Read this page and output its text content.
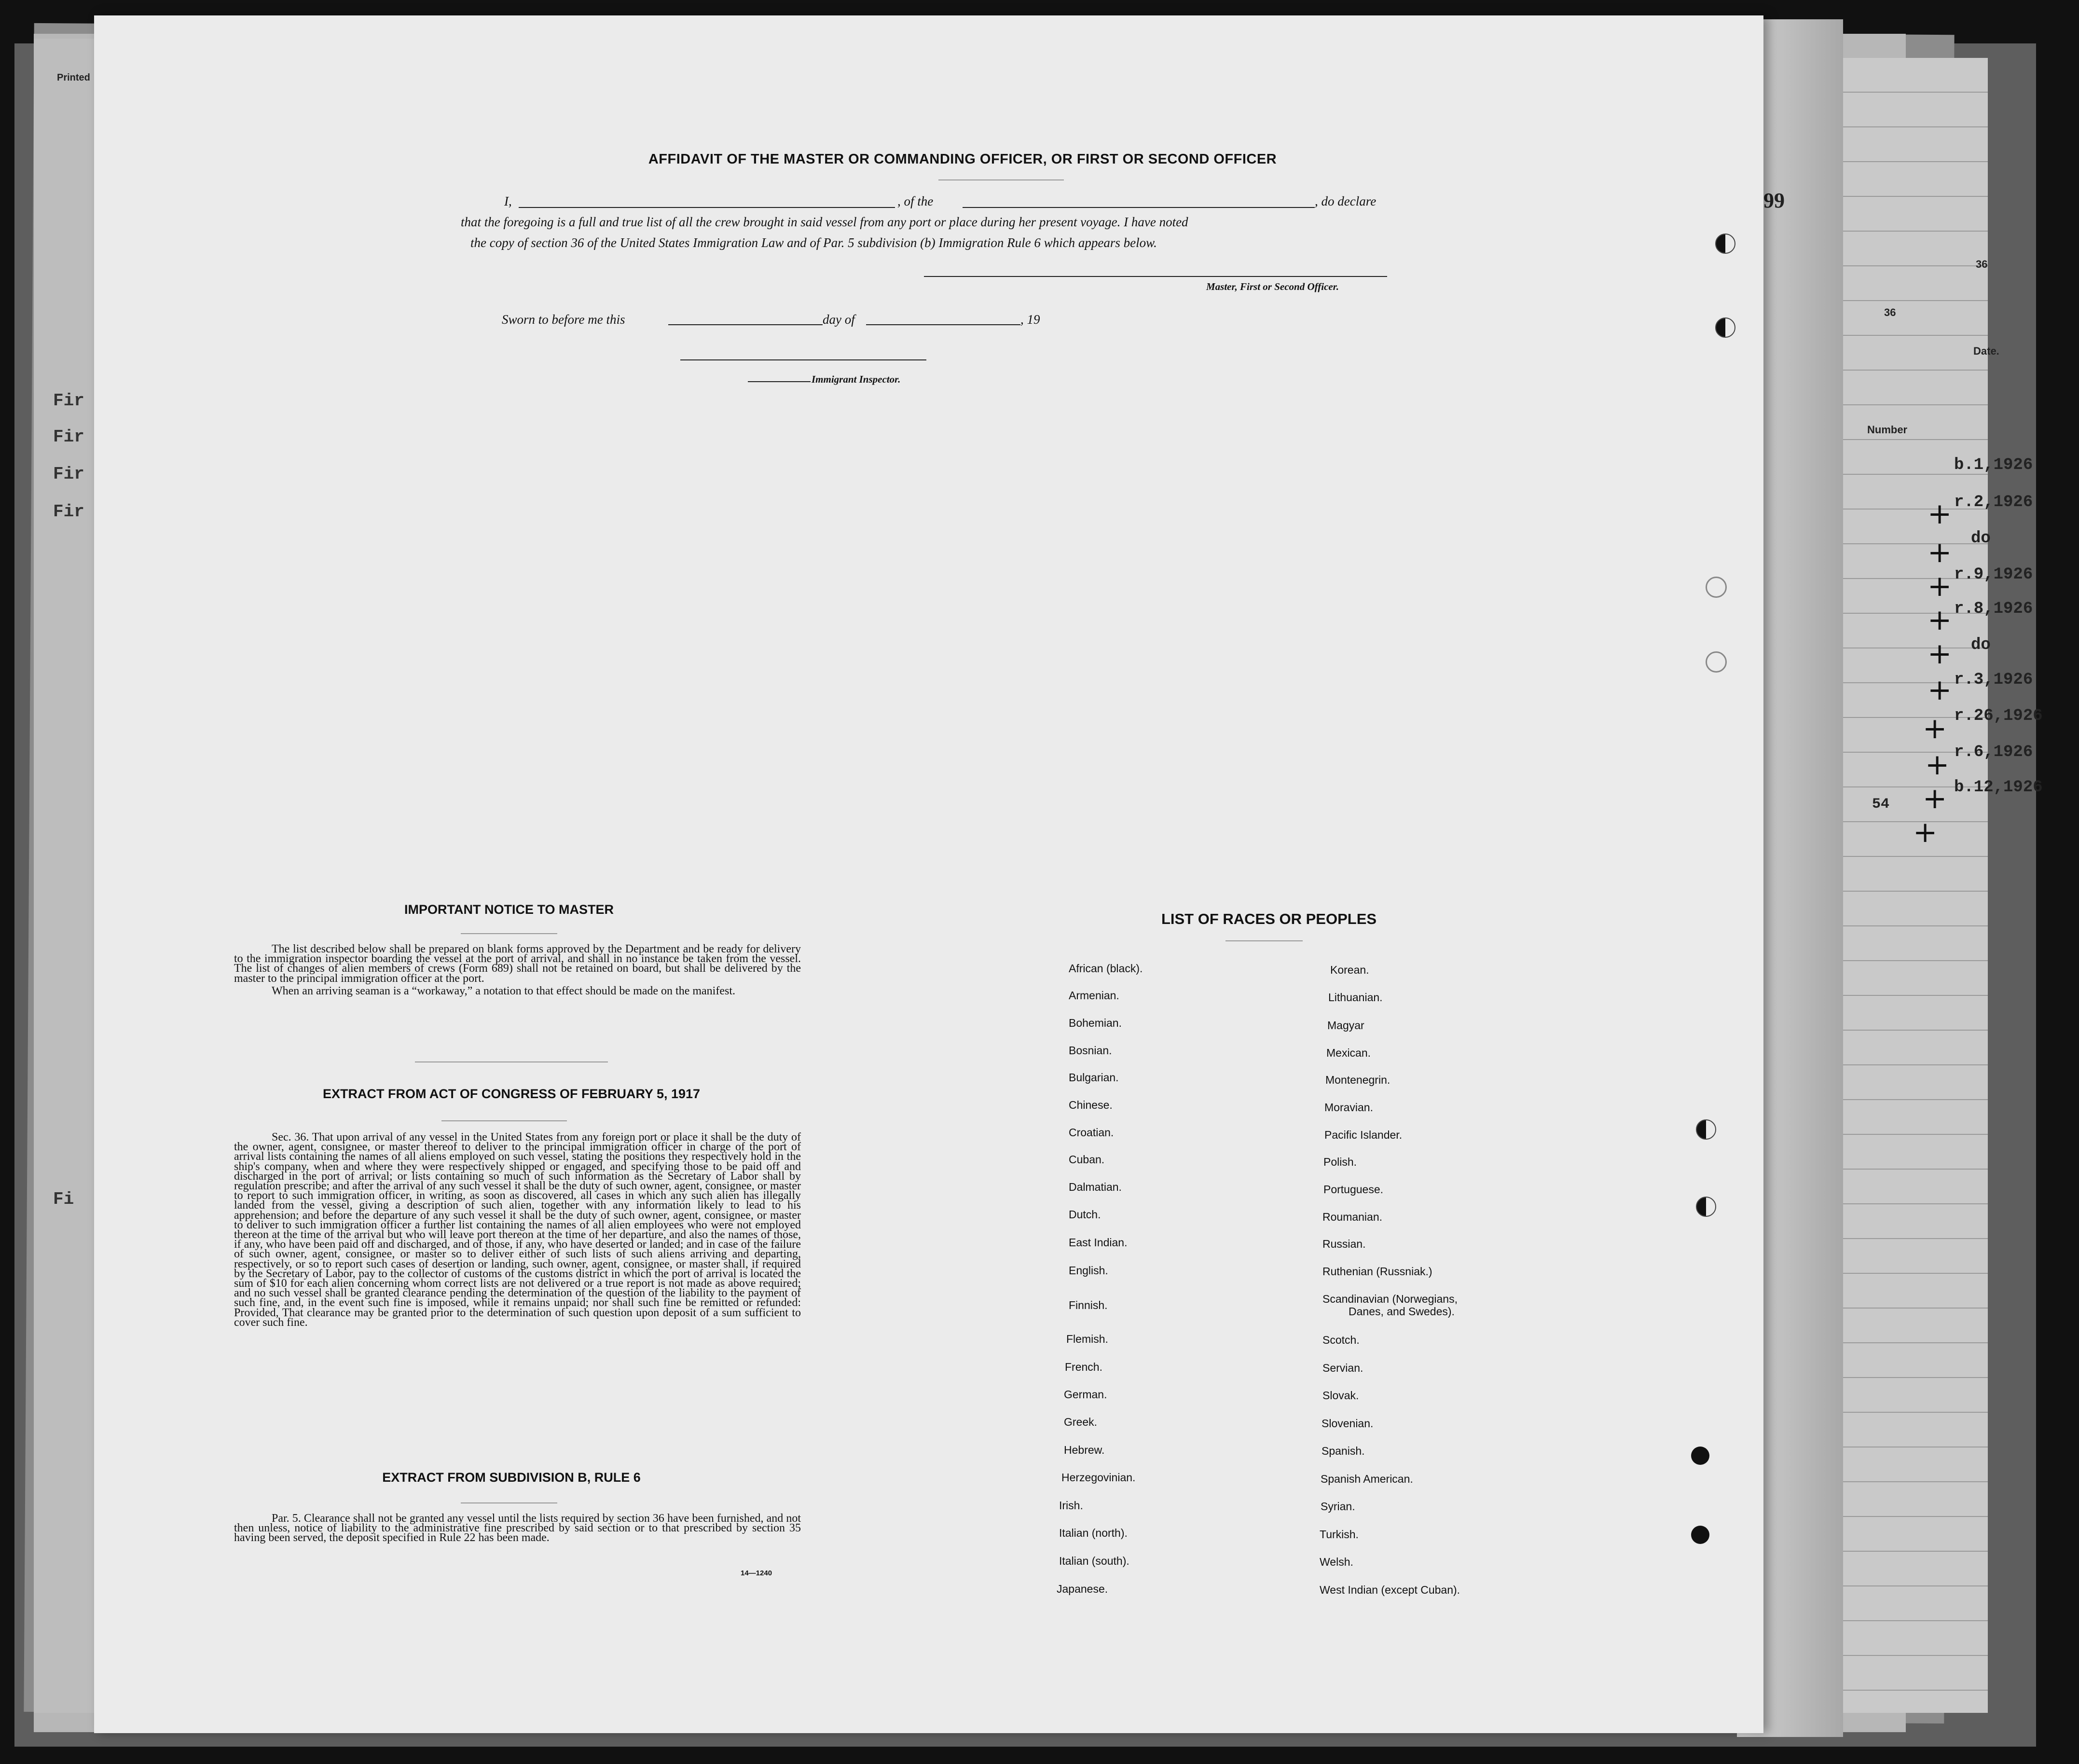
Printed
Fir
Fir
Fir
Fir
Fi
99
36
36
Date.
Number
b.1,1926
r.2,1926
do
r.9,1926
r.8,1926
do
r.3,1926
r.26,1926
r.6,1926
b.12,1926
54
+
+
+
+
+
+
+
+
+
+
AFFIDAVIT OF THE MASTER OR COMMANDING OFFICER, OR FIRST OR SECOND OFFICER
I,	, of the	, do declare
that the foregoing is a full and true list of all the crew brought in said vessel from any port or place during her present voyage. I have noted
the copy of section 36 of the United States Immigration Law and of Par. 5 subdivision (b) Immigration Rule 6 which appears below.
Master, First or Second Officer.
Sworn to before me this	day of	, 19
Immigrant Inspector.
IMPORTANT NOTICE TO MASTER

The list described below shall be prepared on blank forms approved by the Department and be ready for delivery to the immigration inspector boarding the vessel at the port of arrival, and shall in no instance be taken from the vessel. The list of changes of alien members of crews (Form 689) shall not be retained on board, but shall be delivered by the master to the principal immigration officer at the port.

When an arriving seaman is a “workaway,” a notation to that effect should be made on the manifest.

EXTRACT FROM ACT OF CONGRESS OF FEBRUARY 5, 1917

Sec. 36. That upon arrival of any vessel in the United States from any foreign port or place it shall be the duty of the owner, agent, consignee, or master thereof to deliver to the principal immigration officer in charge of the port of arrival lists containing the names of all aliens employed on such vessel, stating the positions they respectively hold in the ship's company, when and where they were respectively shipped or engaged, and specifying those to be paid off and discharged in the port of arrival; or lists containing so much of such information as the Secretary of Labor shall by regulation prescribe; and after the arrival of any such vessel it shall be the duty of such owner, agent, consignee, or master to report to such immigration officer, in writing, as soon as discovered, all cases in which any such alien has illegally landed from the vessel, giving a description of such alien, together with any information likely to lead to his apprehension; and before the departure of any such vessel it shall be the duty of such owner, agent, consignee, or master to deliver to such immigration officer a further list containing the names of all alien employees who were not employed thereon at the time of the arrival but who will leave port thereon at the time of her departure, and also the names of those, if any, who have been paid off and discharged, and of those, if any, who have deserted or landed; and in case of the failure of such owner, agent, consignee, or master so to deliver either of such lists of such aliens arriving and departing, respectively, or so to report such cases of desertion or landing, such owner, agent, consignee, or master shall, if required by the Secretary of Labor, pay to the collector of customs of the customs district in which the port of arrival is located the sum of $10 for each alien concerning whom correct lists are not delivered or a true report is not made as above required; and no such vessel shall be granted clearance pending the determination of the question of the liability to the payment of such fine, and, in the event such fine is imposed, while it remains unpaid; nor shall such fine be remitted or refunded: Provided, That clearance may be granted prior to the determination of such question upon deposit of a sum sufficient to cover such fine.

EXTRACT FROM SUBDIVISION B, RULE 6

Par. 5. Clearance shall not be granted any vessel until the lists required by section 36 have been furnished, and not then unless, notice of liability to the administrative fine prescribed by said section or to that prescribed by section 35 having been served, the deposit specified in Rule 22 has been made.

14—1240
LIST OF RACES OR PEOPLES
African (black).
Armenian.
Bohemian.
Bosnian.
Bulgarian.
Chinese.
Croatian.
Cuban.
Dalmatian.
Dutch.
East Indian.
English.
Finnish.
Flemish.
French.
German.
Greek.
Hebrew.
Herzegovinian.
Irish.
Italian (north).
Italian (south).
Japanese.
Korean.
Lithuanian.
Magyar
Mexican.
Montenegrin.
Moravian.
Pacific Islander.
Polish.
Portuguese.
Roumanian.
Russian.
Ruthenian (Russniak.)
Scandinavian (Norwegians,
Dane​s, and Swedes).
Scotch.
Servian.
Slovak.
Slovenian.
Spanish.
Spanish American.
Syrian.
Turkish.
Welsh.
West Indian (except Cuban).
